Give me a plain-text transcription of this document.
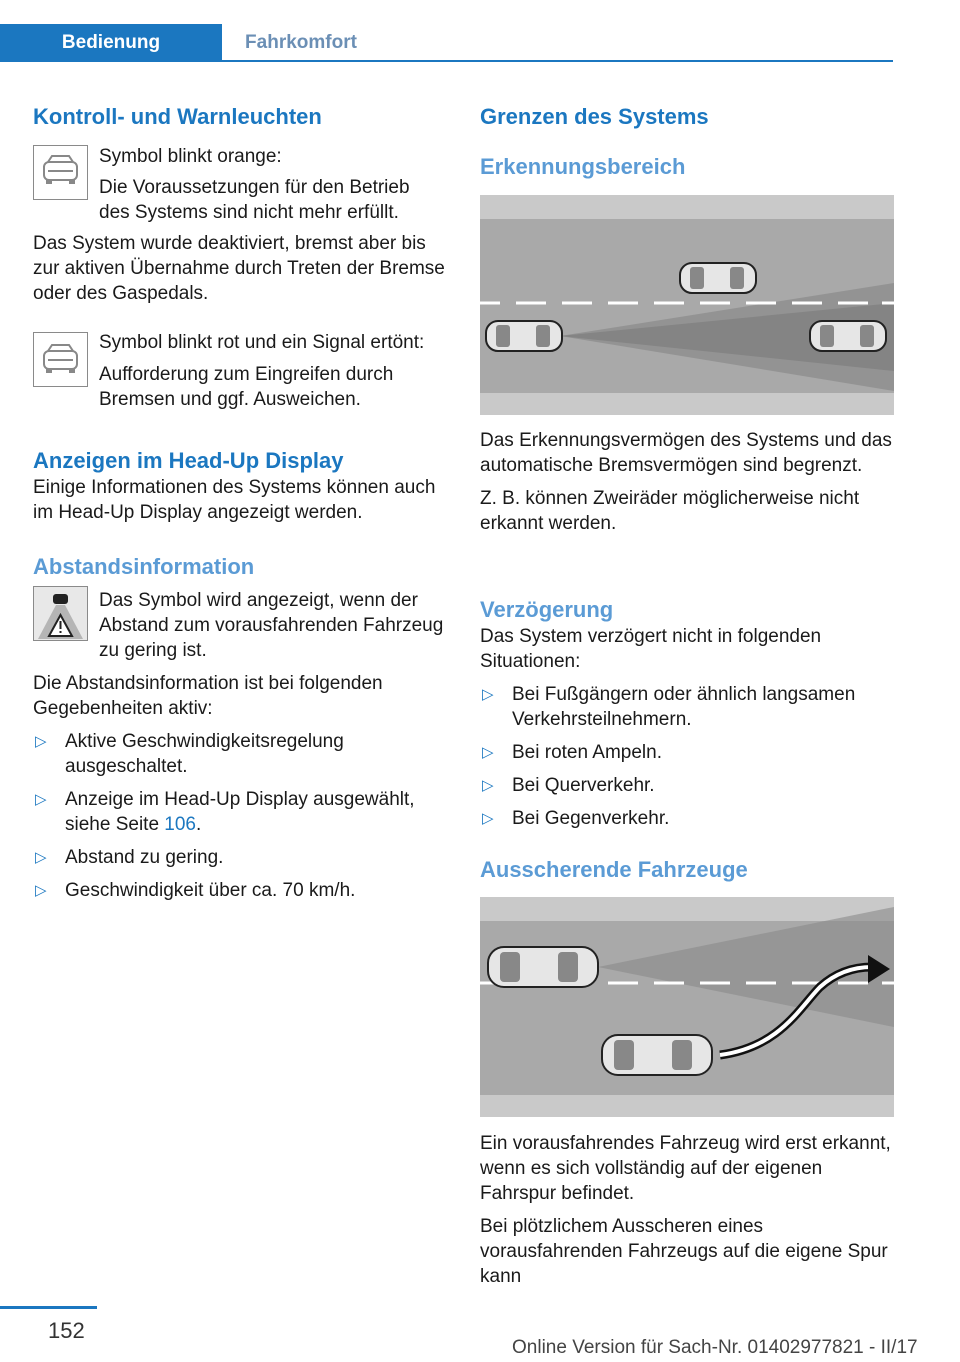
Bedienung	Fahrkomfort
Kontroll- und Warnleuchten

Symbol blinkt orange:

Die Voraussetzungen für den Betrieb des Systems sind nicht mehr erfüllt.

Das System wurde deaktiviert, bremst aber bis zur aktiven Übernahme durch Treten der Bremse oder des Gaspedals.

Symbol blinkt rot und ein Signal ertönt:

Aufforderung zum Eingreifen durch Bremsen und ggf. Ausweichen.

Anzeigen im Head-Up Display

Einige Informationen des Systems können auch im Head-Up Display angezeigt werden.

Abstandsinformation

Das Symbol wird angezeigt, wenn der Abstand zum vorausfahrenden Fahrzeug zu gering ist.

Die Abstandsinformation ist bei folgenden Gegebenheiten aktiv:

▷ Aktive Geschwindigkeitsregelung ausgeschaltet.
▷ Anzeige im Head-Up Display ausgewählt, siehe Seite 106.
▷ Abstand zu gering.
▷ Geschwindigkeit über ca. 70 km/h.
Grenzen des Systems
Erkennungsbereich

Das Erkennungsvermögen des Systems und das automatische Bremsvermögen sind begrenzt.

Z. B. können Zweiräder möglicherweise nicht erkannt werden.

Verzögerung

Das System verzögert nicht in folgenden Situationen:

▷ Bei Fußgängern oder ähnlich langsamen Verkehrsteilnehmern.
▷ Bei roten Ampeln.
▷ Bei Querverkehr.
▷ Bei Gegenverkehr.
Ausscherende Fahrzeuge

Ein vorausfahrendes Fahrzeug wird erst erkannt, wenn es sich vollständig auf der eigenen Fahrspur befindet.

Bei plötzlichem Ausscheren eines vorausfahrenden Fahrzeugs auf die eigene Spur kann

152
Online Version für Sach-Nr. 01402977821 - II/17
